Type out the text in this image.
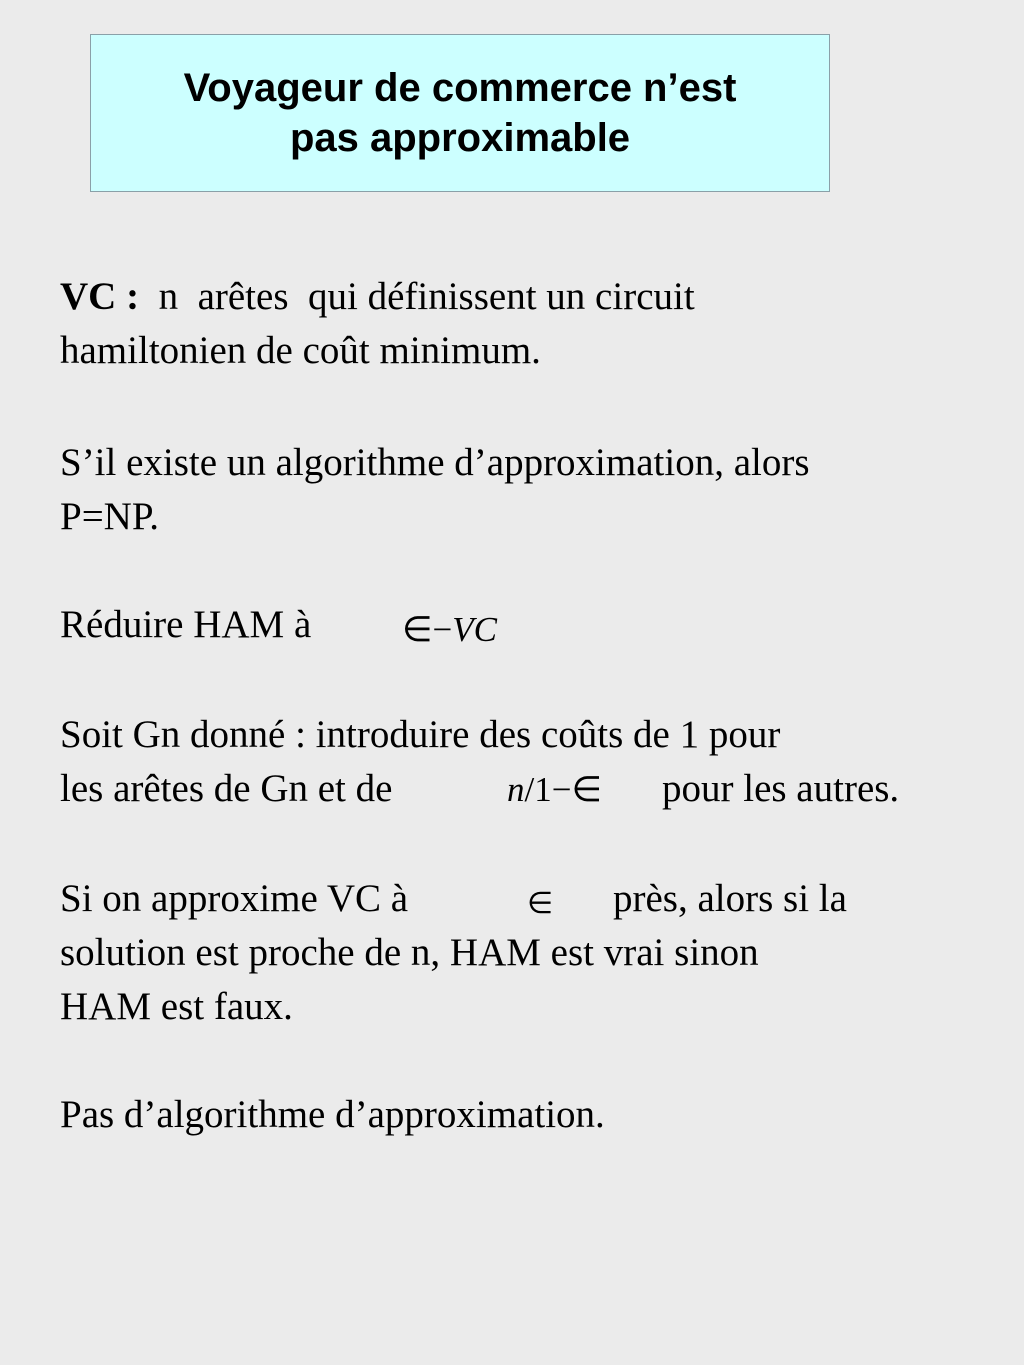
Voyageur de commerce n’est
pas approximable
VC :  n  arêtes  qui définissent un circuit
hamiltonien de coût minimum.
S’il existe un algorithme d’approximation, alors
P=NP.
Réduire HAM à	∈−VC
Soit Gn donné : introduire des coûts de 1 pour
les arêtes de Gn et de	n/1−∈ pour les autres.
Si on approxime VC à	∈ près, alors si la
solution est proche de n, HAM est vrai sinon
HAM est faux.
Pas d’algorithme d’approximation.
